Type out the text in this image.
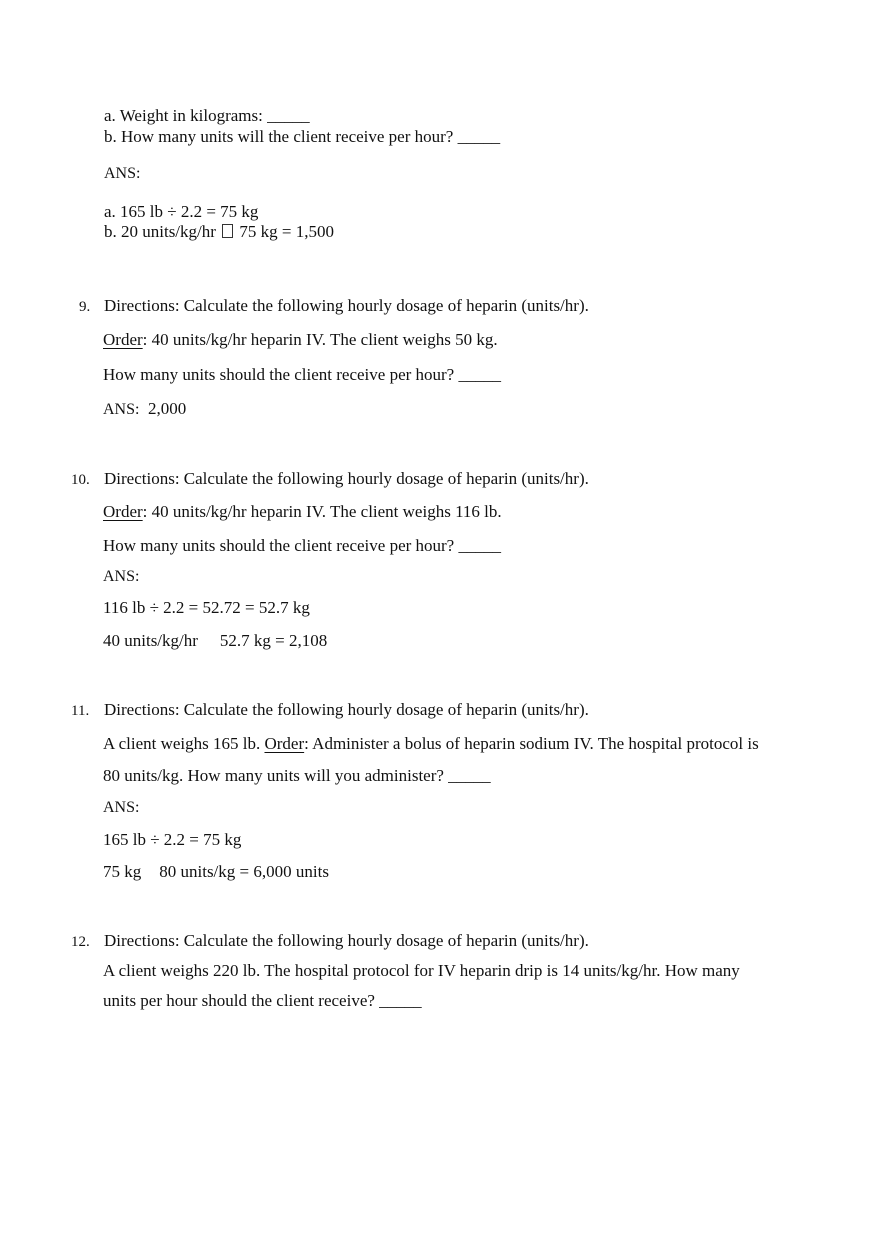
a. Weight in kilograms: _____
b. How many units will the client receive per hour? _____
ANS:
a. 165 lb ÷ 2.2 = 75 kg
b. 20 units/kg/hr 75 kg = 1,500
9. Directions: Calculate the following hourly dosage of heparin (units/hr).
Order: 40 units/kg/hr heparin IV. The client weighs 50 kg.
How many units should the client receive per hour? _____
ANS: 2,000
10. Directions: Calculate the following hourly dosage of heparin (units/hr).
Order: 40 units/kg/hr heparin IV. The client weighs 116 lb.
How many units should the client receive per hour? _____
ANS:
116 lb ÷ 2.2 = 52.72 = 52.7 kg
40 units/kg/hr 52.7 kg = 2,108
11. Directions: Calculate the following hourly dosage of heparin (units/hr).
A client weighs 165 lb. Order: Administer a bolus of heparin sodium IV. The hospital protocol is
80 units/kg. How many units will you administer? _____
ANS:
165 lb ÷ 2.2 = 75 kg
75 kg 80 units/kg = 6,000 units
12. Directions: Calculate the following hourly dosage of heparin (units/hr).
A client weighs 220 lb. The hospital protocol for IV heparin drip is 14 units/kg/hr. How many
units per hour should the client receive? _____
